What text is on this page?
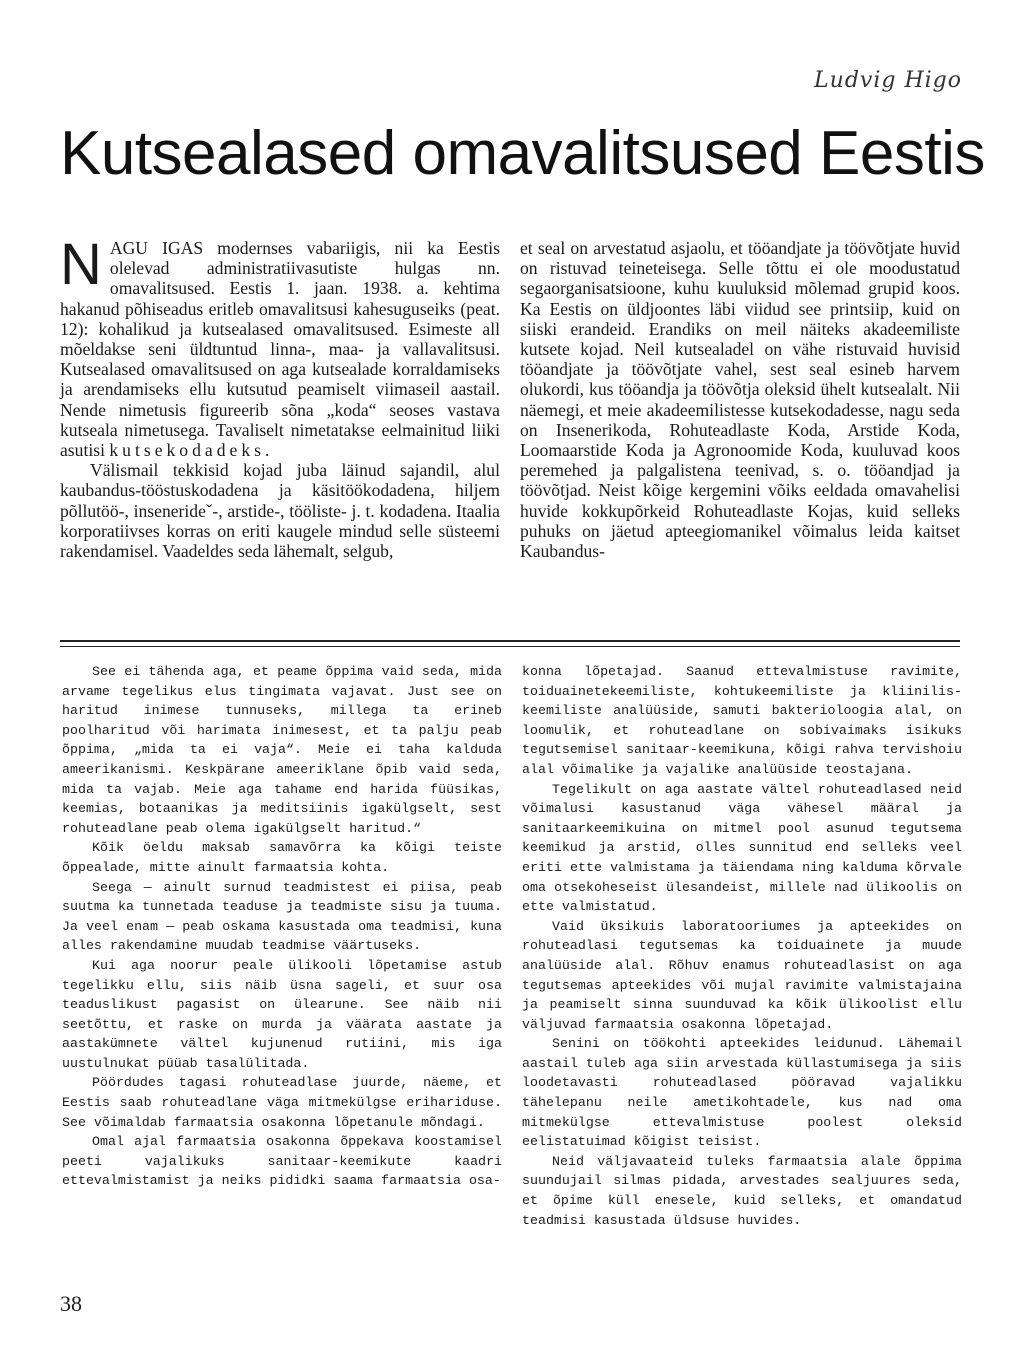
Ludvig Higo
Kutsealased omavalitsused Eestis

NAGU IGAS modernses vabariigis, nii ka Eestis olelevad administratiivasutiste hulgas nn. omavalitsused. Eestis 1. jaan. 1938. a. kehtima hakanud põhiseadus eritleb omavalitsusi kahesuguseiks (peat. 12): kohalikud ja kutsealased omavalitsused. Esimeste all mõeldakse seni üldtuntud linna-, maa- ja vallavalitsusi. Kutsealased omavalitsused on aga kutsealade korraldamiseks ja arendamiseks ellu kutsutud peamiselt viimaseil aastail. Nende nimetusis figureerib sõna „koda“ seoses vastava kutseala nimetusega. Tavaliselt nimetatakse eelmainitud liiki asutisi kutsekodadeks.

Välismail tekkisid kojad juba läinud sajandil, alul kaubandus-tööstuskodadena ja käsitöökodadena, hiljem põllutöö-, insenerideˇ-, arstide-, tööliste- j. t. kodadena. Itaalia korporatiivses korras on eriti kaugele mindud selle süsteemi rakendamisel. Vaadeldes seda lähemalt, selgub,

et seal on arvestatud asjaolu, et tööandjate ja töövõtjate huvid on ristuvad teineteisega. Selle tõttu ei ole moodustatud segaorganisatsioone, kuhu kuuluksid mõlemad grupid koos. Ka Eestis on üldjoontes läbi viidud see printsiip, kuid on siiski erandeid. Erandiks on meil näiteks akadeemiliste kutsete kojad. Neil kutsealadel on vähe ristuvaid huvisid tööandjate ja töövõtjate vahel, sest seal esineb harvem olukordi, kus tööandja ja töövõtja oleksid ühelt kutsealalt. Nii näemegi, et meie akadeemilistesse kutsekodadesse, nagu seda on Insenerikoda, Rohuteadlaste Koda, Arstide Koda, Loomaarstide Koda ja Agronoomide Koda, kuuluvad koos peremehed ja palgalistena teenivad, s. o. tööandjad ja töövõtjad. Neist kõige kergemini võiks eeldada omavahelisi huvide kokkupõrkeid Rohuteadlaste Kojas, kuid selleks puhuks on jäetud apteegiomanikel võimalus leida kaitset Kaubandus-

See ei tähenda aga, et peame õppima vaid seda, mida arvame tegelikus elus tingimata vajavat. Just see on haritud inimese tunnuseks, millega ta erineb poolharitud või harimata inimesest, et ta palju peab õppima, „mida ta ei vaja“. Meie ei taha kalduda ameerikanismi. Keskpärane ameeriklane õpib vaid seda, mida ta vajab. Meie aga tahame end harida füüsikas, keemias, botaanikas ja meditsiinis igakülgselt, sest rohuteadlane peab olema igakülgselt haritud.“

Kõik öeldu maksab samavõrra ka kõigi teiste õppealade, mitte ainult farmaatsia kohta.

Seega — ainult surnud teadmistest ei piisa, peab suutma ka tunnetada teaduse ja teadmiste sisu ja tuuma. Ja veel enam — peab oskama kasustada oma teadmisi, kuna alles rakendamine muudab teadmise väärtuseks.

Kui aga noorur peale ülikooli lõpetamise astub tegelikku ellu, siis näib üsna sageli, et suur osa teaduslikust pagasist on ülearune. See näib nii seetõttu, et raske on murda ja väärata aastate ja aastakümnete vältel kujunenud rutiini, mis iga uustulnukat püüab tasalülitada.

Pöördudes tagasi rohuteadlase juurde, näeme, et Eestis saab rohuteadlane väga mitmekülgse erihariduse. See võimaldab farmaatsia osakonna lõpetanule mõndagi.

Omal ajal farmaatsia osakonna õppekava koostamisel peeti vajalikuks sanitaar-keemikute kaadri ettevalmistamist ja neiks pididki saama farmaatsia osa-

konna lõpetajad. Saanud ettevalmistuse ravimite, toiduainetekeemiliste, kohtukeemiliste ja kliinilis-keemiliste analüüside, samuti bakterioloogia alal, on loomulik, et rohuteadlane on sobivaimaks isikuks tegutsemisel sanitaar-keemikuna, kõigi rahva tervishoiu alal võimalike ja vajalike analüüside teostajana.

Tegelikult on aga aastate vältel rohuteadlased neid võimalusi kasustanud väga vähesel määral ja sanitaarkeemikuina on mitmel pool asunud tegutsema keemikud ja arstid, olles sunnitud end selleks veel eriti ette valmistama ja täiendama ning kalduma kõrvale oma otsekoheseist ülesandeist, millele nad ülikoolis on ette valmistatud.

Vaid üksikuis laboratooriumes ja apteekides on rohuteadlasi tegutsemas ka toiduainete ja muude analüüside alal. Rõhuv enamus rohuteadlasist on aga tegutsemas apteekides või mujal ravimite valmistajaina ja peamiselt sinna suunduvad ka kõik ülikoolist ellu väljuvad farmaatsia osakonna lõpetajad.

Senini on töökohti apteekides leidunud. Lähemail aastail tuleb aga siin arvestada küllastumisega ja siis loodetavasti rohuteadlased pööravad vajalikku tähelepanu neile ametikohtadele, kus nad oma mitmekülgse ettevalmistuse poolest oleksid eelistatuimad kõigist teisist.

Neid väljavaateid tuleks farmaatsia alale õppima suundujail silmas pidada, arvestades sealjuures seda, et õpime küll enesele, kuid selleks, et omandatud teadmisi kasustada üldsuse huvides.

38
